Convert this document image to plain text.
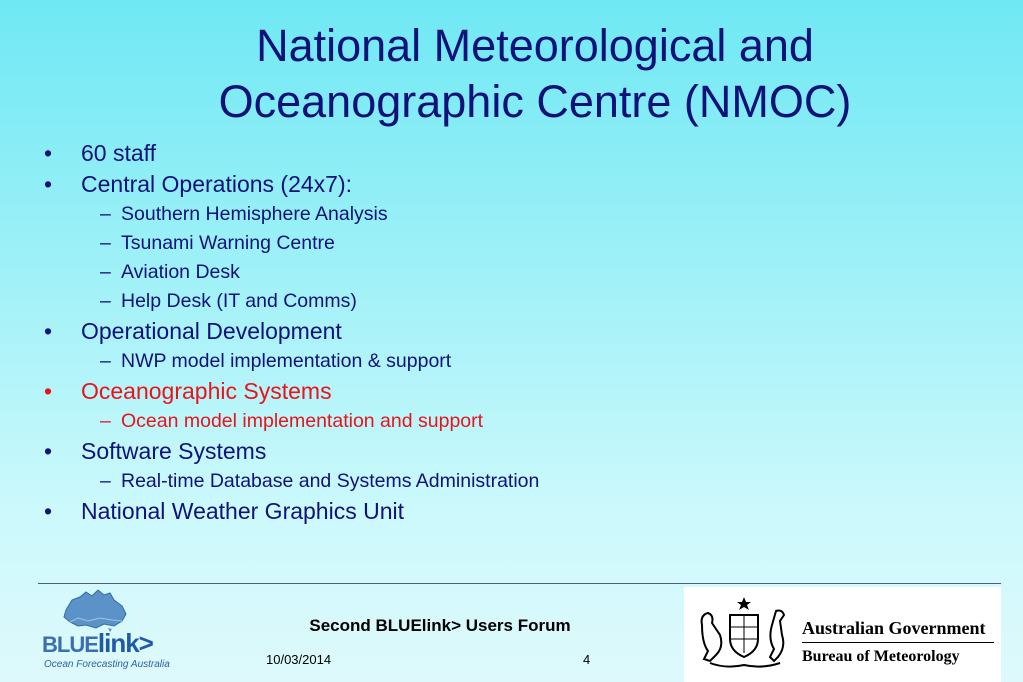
National Meteorological and
Oceanographic Centre (NMOC)
•	60 staff
•	Central Operations (24x7):
– Southern Hemisphere Analysis
– Tsunami Warning Centre
– Aviation Desk
– Help Desk (IT and Comms)
•	Operational Development
– NWP model implementation & support
•	Oceanographic Systems
– Ocean model implementation and support
•	Software Systems
– Real-time Database and Systems Administration
•	National Weather Graphics Unit
BLUElink>
Ocean Forecasting Australia
Second BLUElink> Users Forum
10/03/2014	4
Australian Government
Bureau of Meteorology
